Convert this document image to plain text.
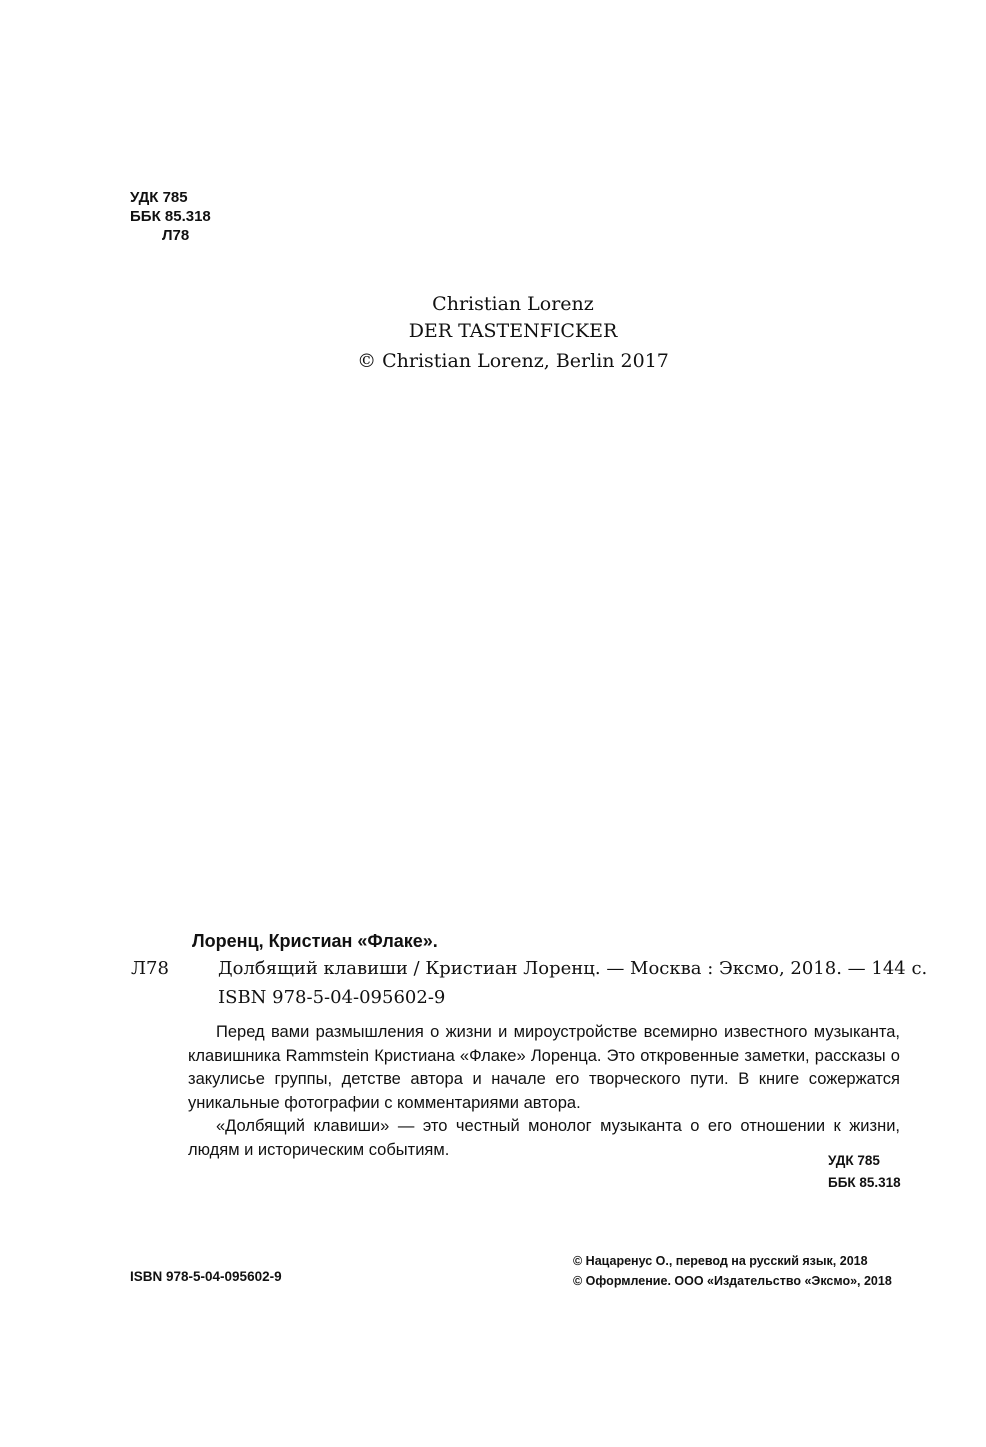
УДК 785
ББК 85.318
Л78
Christian Lorenz
DER TASTENFICKER
© Christian Lorenz, Berlin 2017
Лоренц, Кристиан «Флаке».
Л78	Долбящий клавиши / Кристиан Лоренц. — Москва : Эксмо, 2018. — 144 с.
ISBN 978-5-04-095602-9

Перед вами размышления о жизни и мироустройстве всемирно известного музыканта, клавишника Rammstein Кристиана «Флаке» Лоренца. Это откровенные заметки, рассказы о закулисье группы, детстве автора и начале его творческого пути. В книге сожержатся уникальные фотографии с комментариями автора.

«Долбящий клавиши» — это честный монолог музыканта о его отношении к жизни, людям и историческим событиям.

УДК 785
ББК 85.318
ISBN 978-5-04-095602-9
© Нацаренус О., перевод на русский язык, 2018
© Оформление. ООО «Издательство «Эксмо», 2018
